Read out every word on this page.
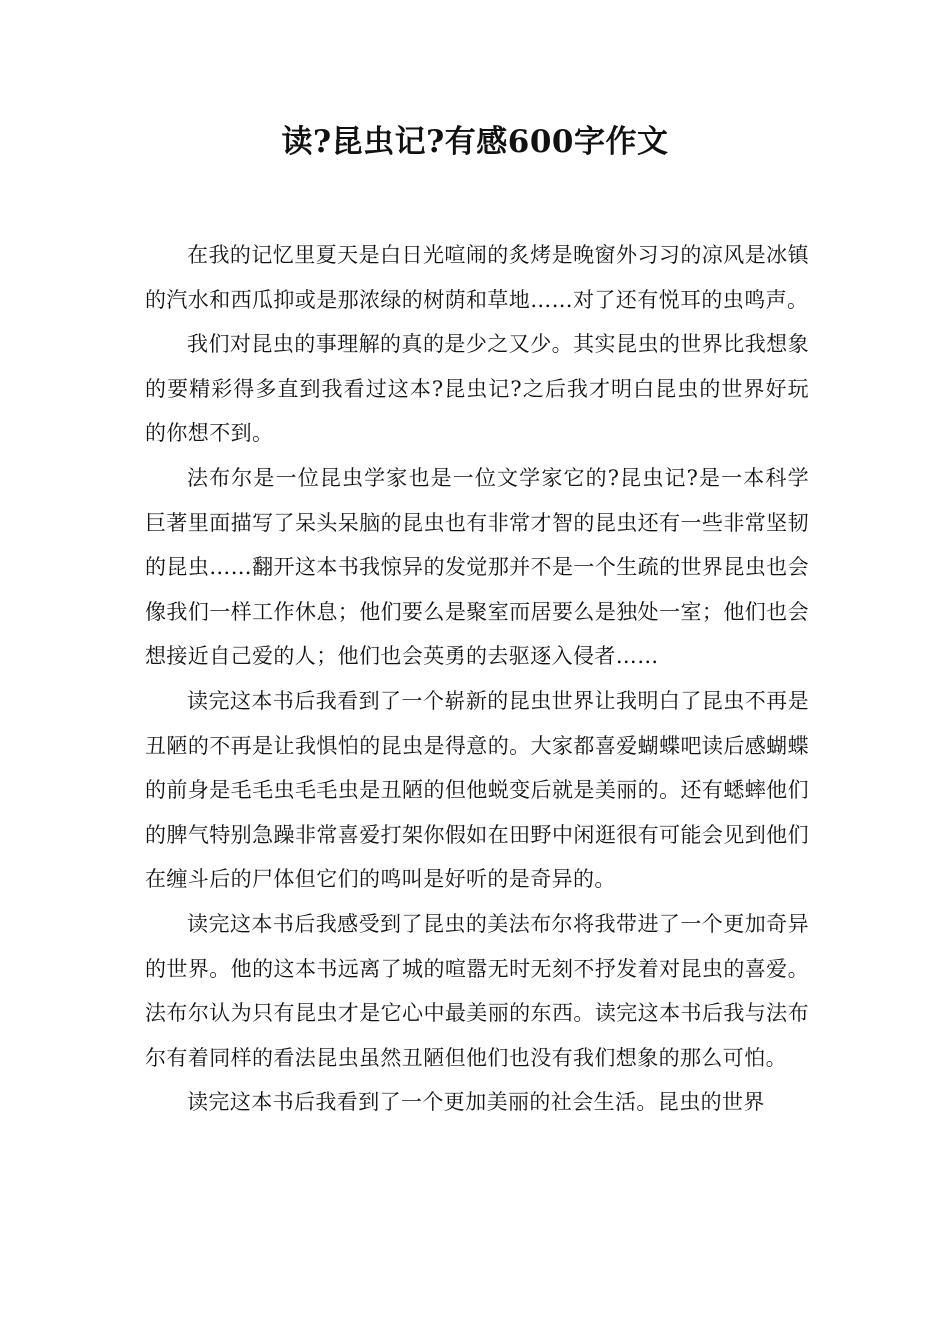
读?昆虫记?有感600字作文

在我的记忆里夏天是白日光喧闹的炙烤是晚窗外习习的凉风是冰镇的汽水和西瓜抑或是那浓绿的树荫和草地……对了还有悦耳的虫鸣声。

我们对昆虫的事理解的真的是少之又少。其实昆虫的世界比我想象的要精彩得多直到我看过这本?昆虫记?之后我才明白昆虫的世界好玩的你想不到。

法布尔是一位昆虫学家也是一位文学家它的?昆虫记?是一本科学巨著里面描写了呆头呆脑的昆虫也有非常才智的昆虫还有一些非常坚韧的昆虫……翻开这本书我惊异的发觉那并不是一个生疏的世界昆虫也会像我们一样工作休息；他们要么是聚室而居要么是独处一室；他们也会想接近自己爱的人；他们也会英勇的去驱逐入侵者……

读完这本书后我看到了一个崭新的昆虫世界让我明白了昆虫不再是丑陋的不再是让我惧怕的昆虫是得意的。大家都喜爱蝴蝶吧读后感蝴蝶的前身是毛毛虫毛毛虫是丑陋的但他蜕变后就是美丽的。还有蟋蟀他们的脾气特别急躁非常喜爱打架你假如在田野中闲逛很有可能会见到他们在缠斗后的尸体但它们的鸣叫是好听的是奇异的。

读完这本书后我感受到了昆虫的美法布尔将我带进了一个更加奇异的世界。他的这本书远离了城的喧嚣无时无刻不抒发着对昆虫的喜爱。法布尔认为只有昆虫才是它心中最美丽的东西。读完这本书后我与法布尔有着同样的看法昆虫虽然丑陋但他们也没有我们想象的那么可怕。

读完这本书后我看到了一个更加美丽的社会生活。昆虫的世界
